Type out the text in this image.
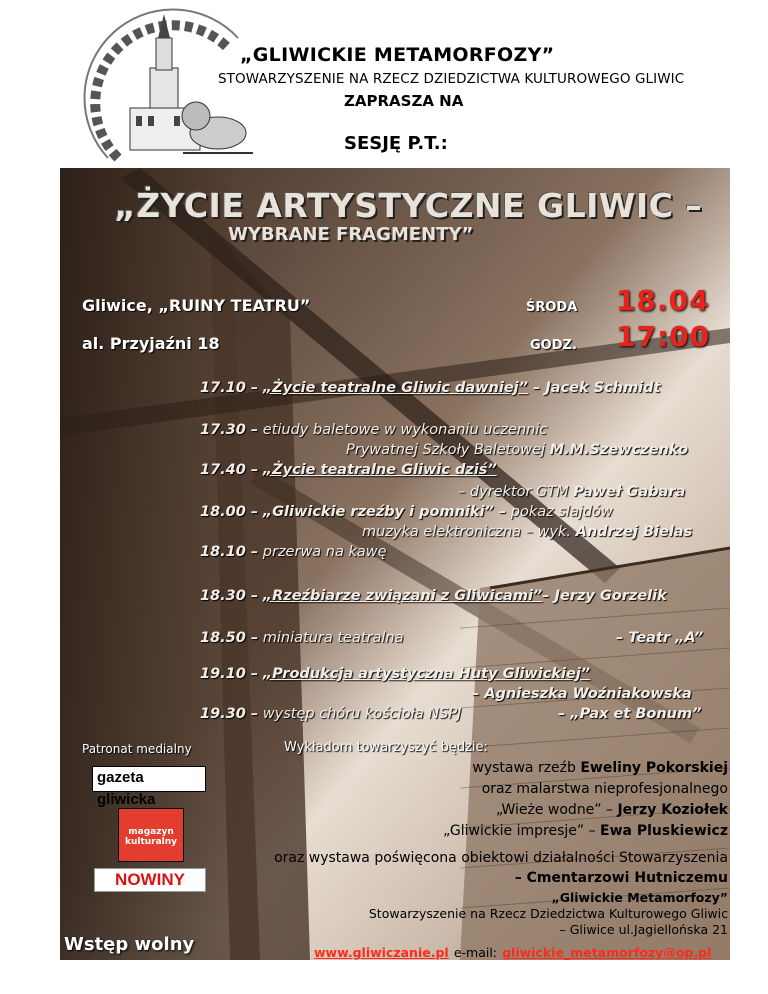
„GLIWICKIE METAMORFOZY”
STOWARZYSZENIE NA RZECZ DZIEDZICTWA KULTUROWEGO GLIWIC
ZAPRASZA NA
SESJĘ P.T.:
„ŻYCIE ARTYSTYCZNE GLIWIC –
WYBRANE FRAGMENTY”
Gliwice, „RUINY TEATRU”
al. Przyjaźni 18
ŚRODA 18.04
GODZ. 17:00
17.10 – „Życie teatralne Gliwic dawniej” – Jacek Schmidt
17.30 – etiudy baletowe w wykonaniu uczennic
Prywatnej Szkoły Baletowej M.M.Szewczenko
17.40 – „Życie teatralne Gliwic dziś”
– dyrektor GTM Paweł Gabara
18.00 – „Gliwickie rzeźby i pomniki” – pokaz slajdów
muzyka elektroniczna – wyk. Andrzej Bielas
18.10 – przerwa na kawę
18.30 – „Rzeźbiarze związani z Gliwicami”– Jerzy Gorzelik
18.50 – miniatura teatralna	– Teatr „A”
19.10 – „Produkcja artystyczna Huty Gliwickiej”
– Agnieszka Woźniakowska
19.30 – występ chóru kościoła NSPJ	– „Pax et Bonum”
Patronat medialny
gazeta gliwicka
magazyn kulturalny
NOWINY
Wstęp wolny
Wykładom towarzyszyć będzie:
wystawa rzeźb Eweliny Pokorskiej
oraz malarstwa nieprofesjonalnego
„Wieże wodne” – Jerzy Koziołek
„Gliwickie impresje” – Ewa Pluskiewicz
oraz wystawa poświęcona obiektowi działalności Stowarzyszenia
– Cmentarzowi Hutniczemu
„Gliwickie Metamorfozy”
Stowarzyszenie na Rzecz Dziedzictwa Kulturowego Gliwic
– Gliwice ul.Jagiellońska 21
www.gliwiczanie.pl e-mail: gliwickie_metamorfozy@op.pl
